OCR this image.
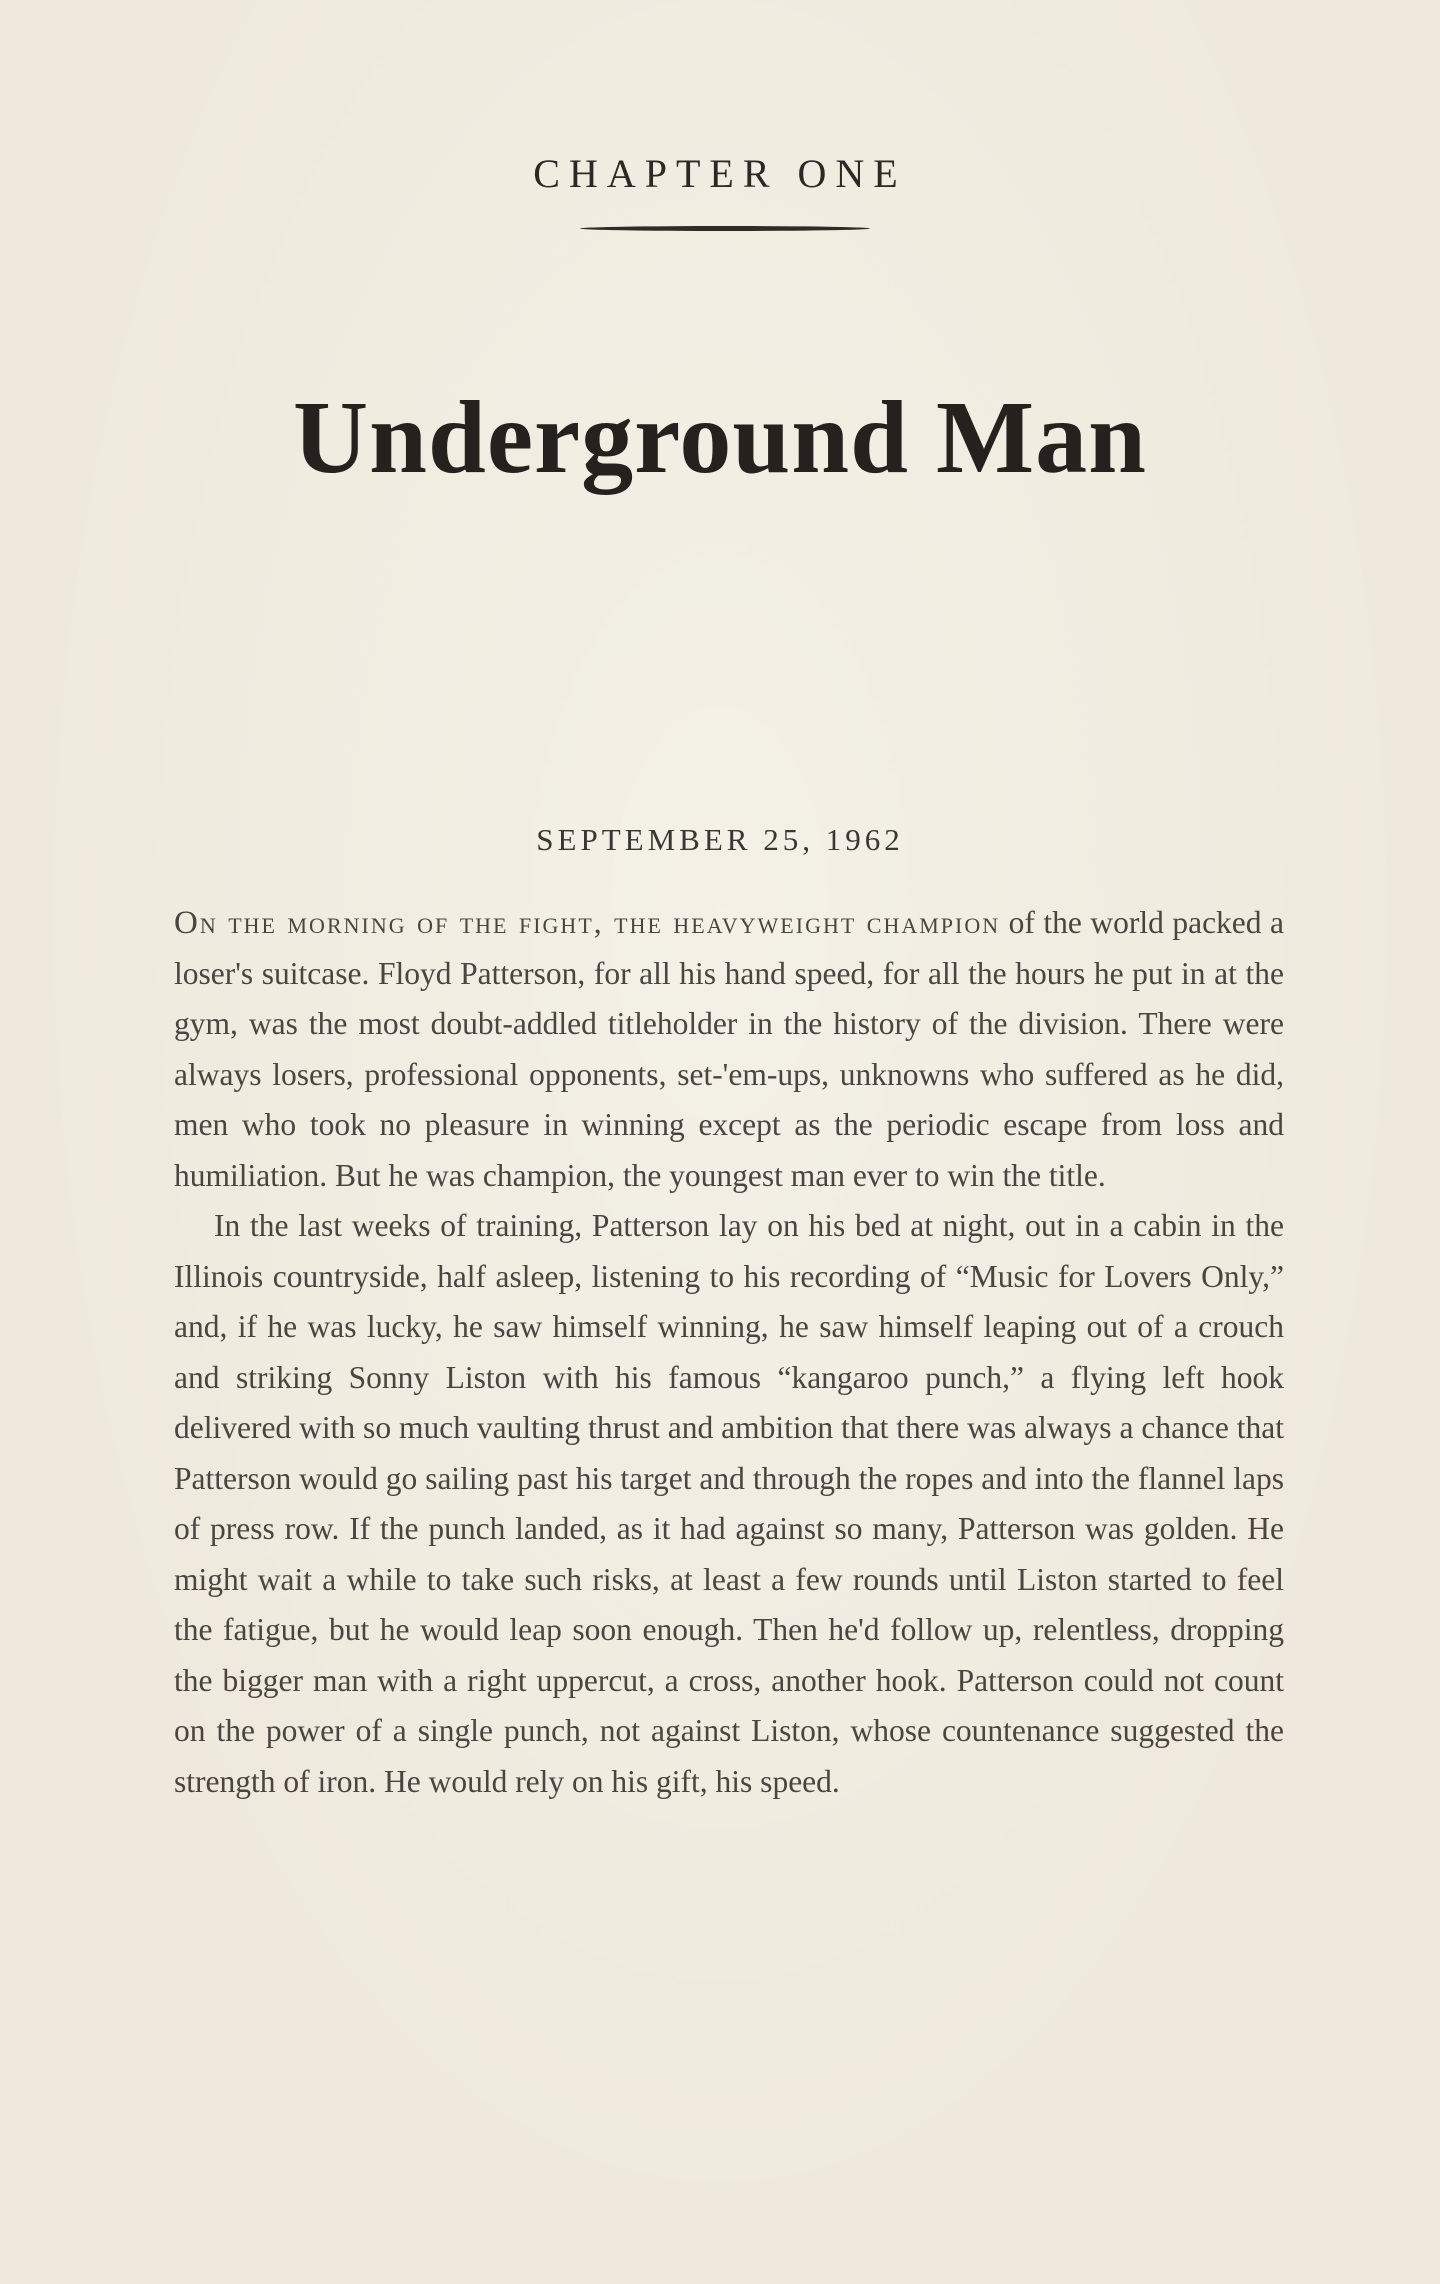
CHAPTER ONE
Underground Man
SEPTEMBER 25, 1962

On the morning of the fight, the heavyweight champion of the world packed a loser's suitcase. Floyd Patterson, for all his hand speed, for all the hours he put in at the gym, was the most doubt-addled titleholder in the history of the division. There were always losers, professional opponents, set-'em-ups, unknowns who suffered as he did, men who took no pleasure in winning except as the periodic escape from loss and humiliation. But he was champion, the youngest man ever to win the title.

In the last weeks of training, Patterson lay on his bed at night, out in a cabin in the Illinois countryside, half asleep, listening to his recording of “Music for Lovers Only,” and, if he was lucky, he saw himself winning, he saw himself leaping out of a crouch and striking Sonny Liston with his famous “kangaroo punch,” a flying left hook delivered with so much vaulting thrust and ambition that there was always a chance that Patterson would go sailing past his target and through the ropes and into the flannel laps of press row. If the punch landed, as it had against so many, Patterson was golden. He might wait a while to take such risks, at least a few rounds until Liston started to feel the fatigue, but he would leap soon enough. Then he'd follow up, relentless, dropping the bigger man with a right uppercut, a cross, another hook. Patterson could not count on the power of a single punch, not against Liston, whose countenance suggested the strength of iron. He would rely on his gift, his speed.
